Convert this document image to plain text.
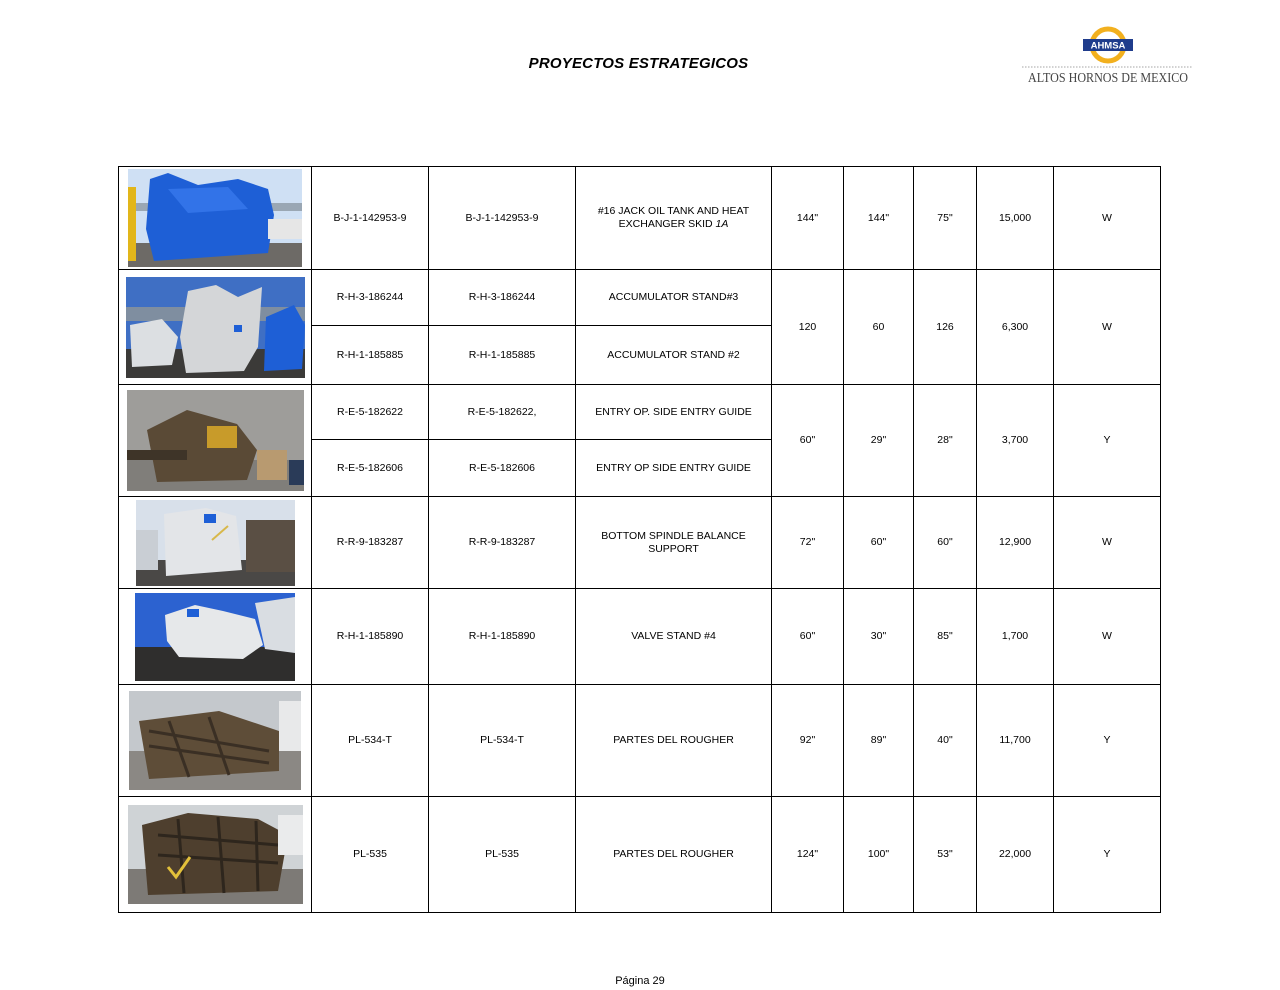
PROYECTOS ESTRATEGICOS
AHMSA
ALTOS HORNOS DE MEXICO
	B-J-1-142953-9	B-J-1-142953-9	#16 JACK OIL TANK AND HEAT EXCHANGER SKID 1A	144"	144"	75"	15,000	W

	R-H-3-186244	R-H-3-186244	ACCUMULATOR STAND#3	120	60	126	6,300	W
	R-H-1-185885	R-H-1-185885	ACCUMULATOR STAND #2					

	R-E-5-182622	R-E-5-182622,	ENTRY OP. SIDE ENTRY GUIDE	60"	29"	28"	3,700	Y
	R-E-5-182606	R-E-5-182606	ENTRY OP SIDE ENTRY GUIDE					

	R-R-9-183287	R-R-9-183287	BOTTOM SPINDLE BALANCE SUPPORT	72"	60"	60"	12,900	W

	R-H-1-185890	R-H-1-185890	VALVE STAND #4	60"	30"	85"	1,700	W

	PL-534-T	PL-534-T	PARTES DEL ROUGHER	92"	89"	40"	11,700	Y

	PL-535	PL-535	PARTES DEL ROUGHER	124"	100"	53"	22,000	Y
Página 29
